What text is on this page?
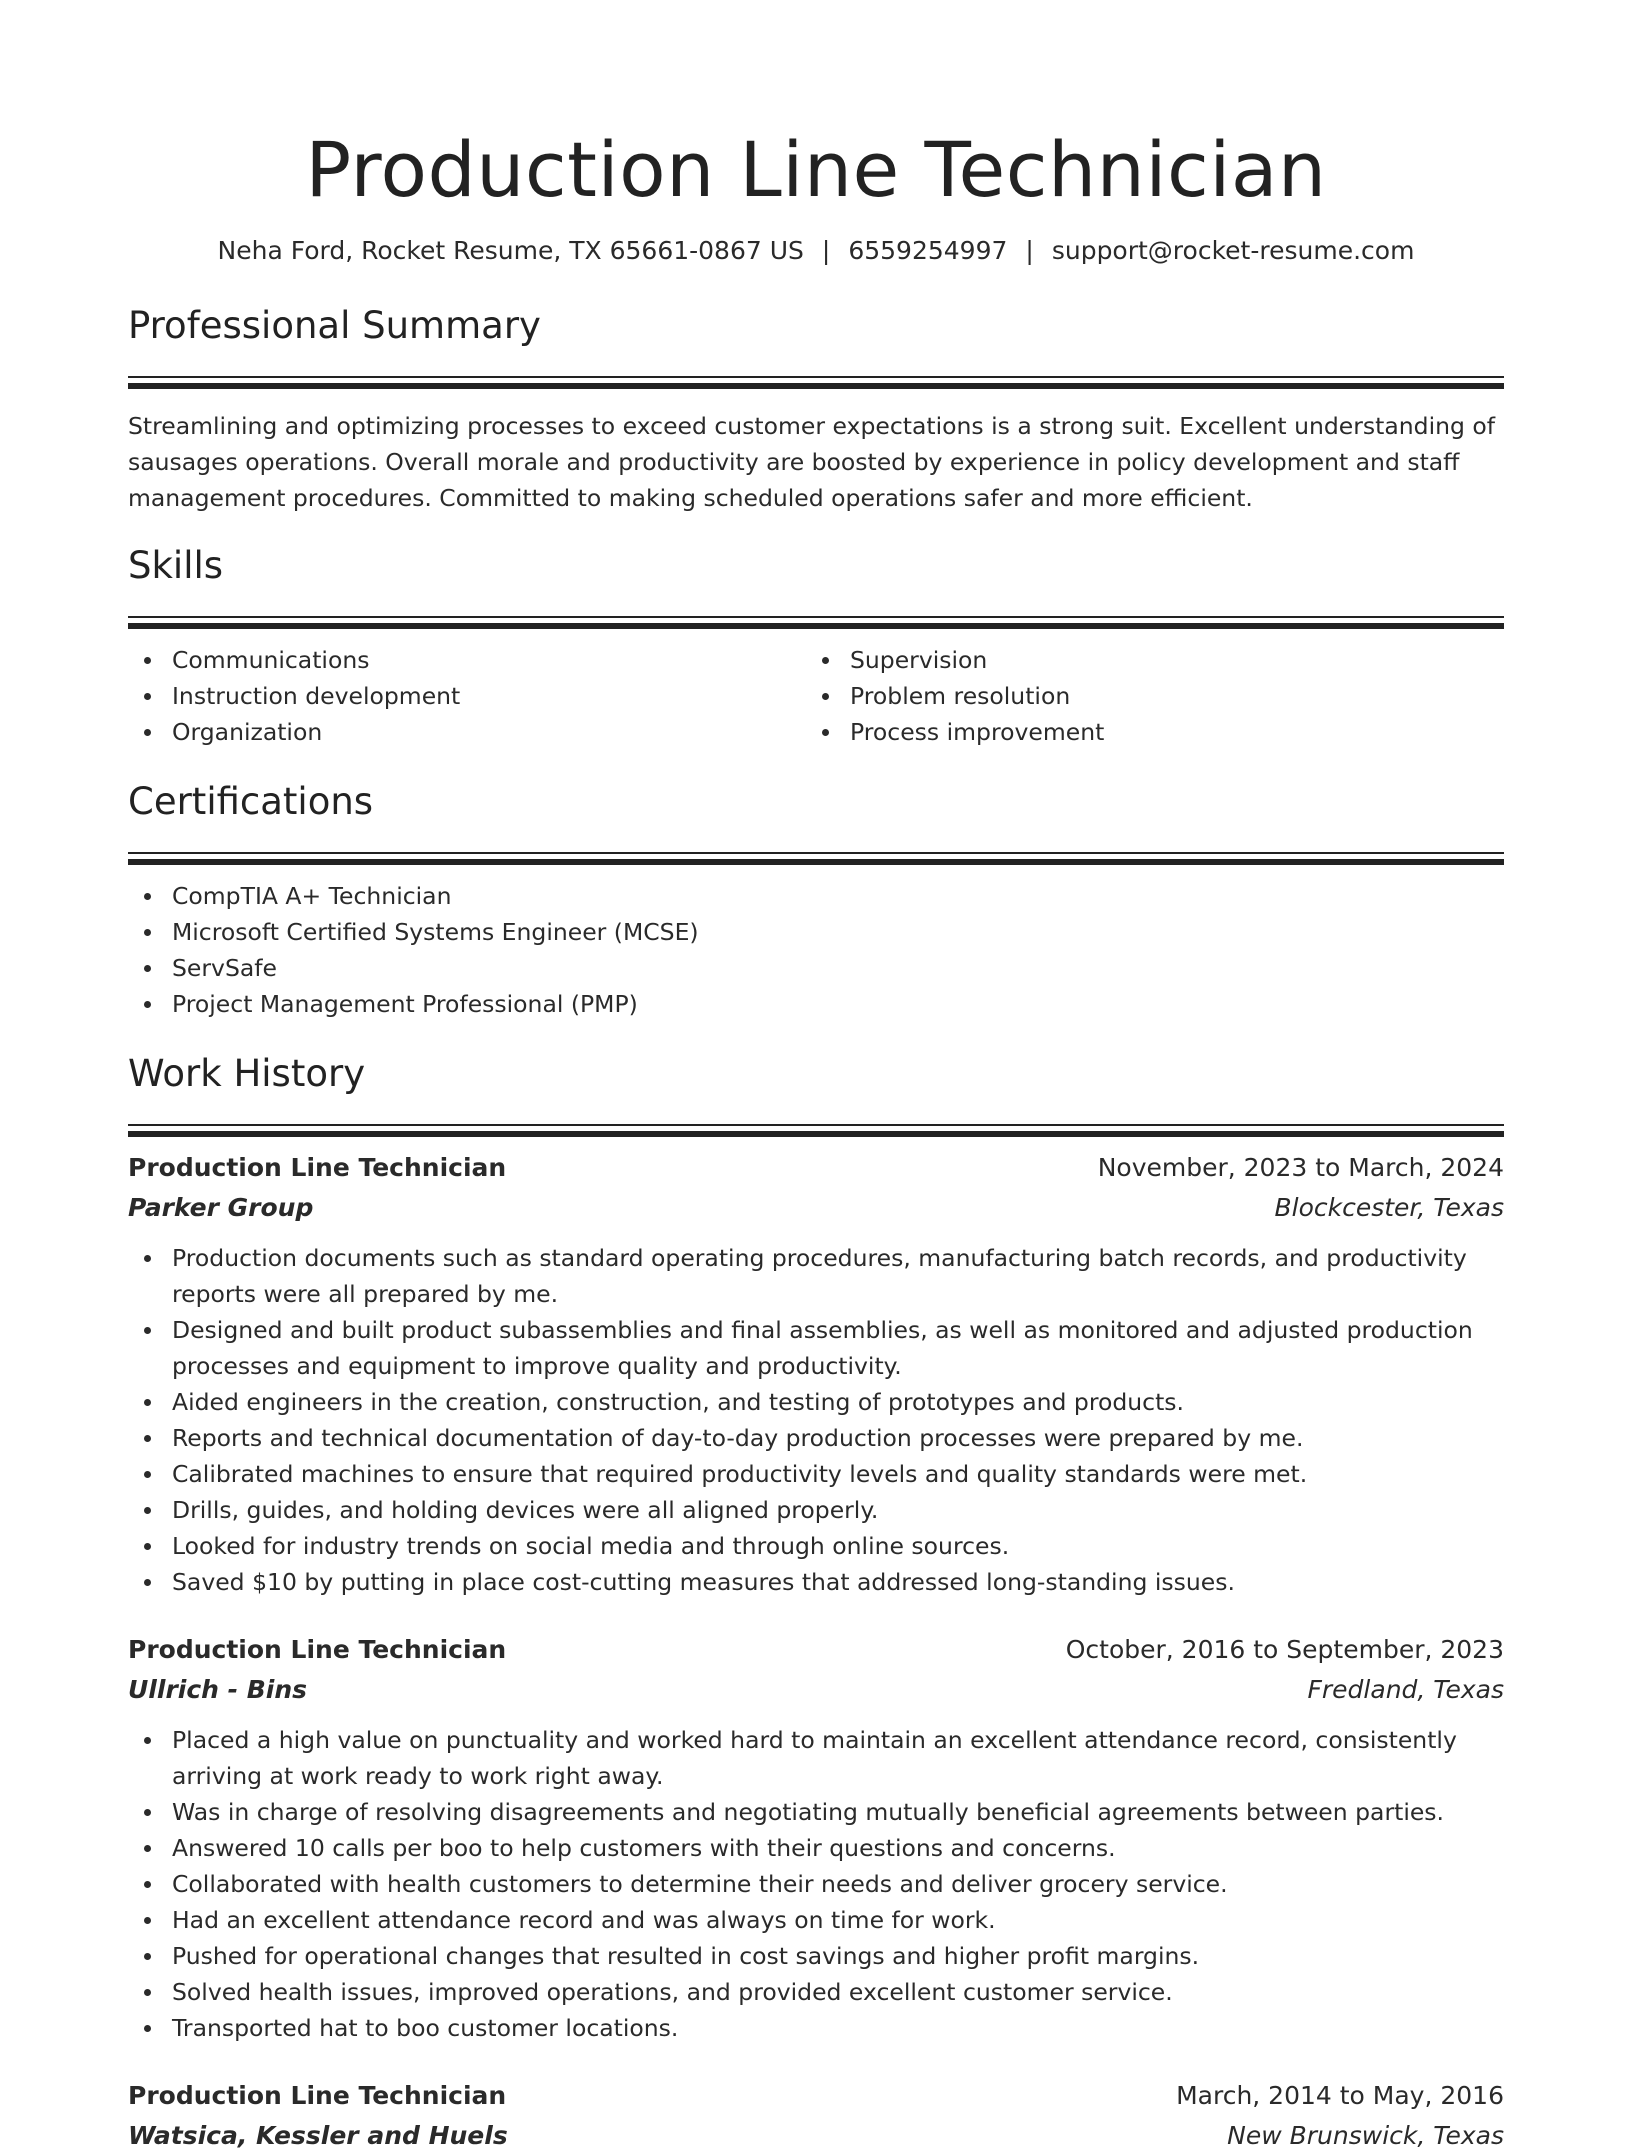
Production Line Technician
Neha Ford, Rocket Resume, TX 65661-0867 US | 6559254997 | support@rocket-resume.com
Professional Summary

Streamlining and optimizing processes to exceed customer expectations is a strong suit. Excellent understanding of sausages operations. Overall morale and productivity are boosted by experience in policy development and staff management procedures. Committed to making scheduled operations safer and more efficient.

Skills
Communications
Instruction development
Organization
Supervision
Problem resolution
Process improvement
Certifications
CompTIA A+ Technician
Microsoft Certified Systems Engineer (MCSE)
ServSafe
Project Management Professional (PMP)
Work History
Production Line Technician	November, 2023 to March, 2024
Parker Group	Blockcester, Texas
Production documents such as standard operating procedures, manufacturing batch records, and productivity reports were all prepared by me.
Designed and built product subassemblies and final assemblies, as well as monitored and adjusted production processes and equipment to improve quality and productivity.
Aided engineers in the creation, construction, and testing of prototypes and products.
Reports and technical documentation of day-to-day production processes were prepared by me.
Calibrated machines to ensure that required productivity levels and quality standards were met.
Drills, guides, and holding devices were all aligned properly.
Looked for industry trends on social media and through online sources.
Saved $10 by putting in place cost-cutting measures that addressed long-standing issues.
Production Line Technician	October, 2016 to September, 2023
Ullrich - Bins	Fredland, Texas
Placed a high value on punctuality and worked hard to maintain an excellent attendance record, consistently arriving at work ready to work right away.
Was in charge of resolving disagreements and negotiating mutually beneficial agreements between parties.
Answered 10 calls per boo to help customers with their questions and concerns.
Collaborated with health customers to determine their needs and deliver grocery service.
Had an excellent attendance record and was always on time for work.
Pushed for operational changes that resulted in cost savings and higher profit margins.
Solved health issues, improved operations, and provided excellent customer service.
Transported hat to boo customer locations.
Production Line Technician	March, 2014 to May, 2016
Watsica, Kessler and Huels	New Brunswick, Texas
